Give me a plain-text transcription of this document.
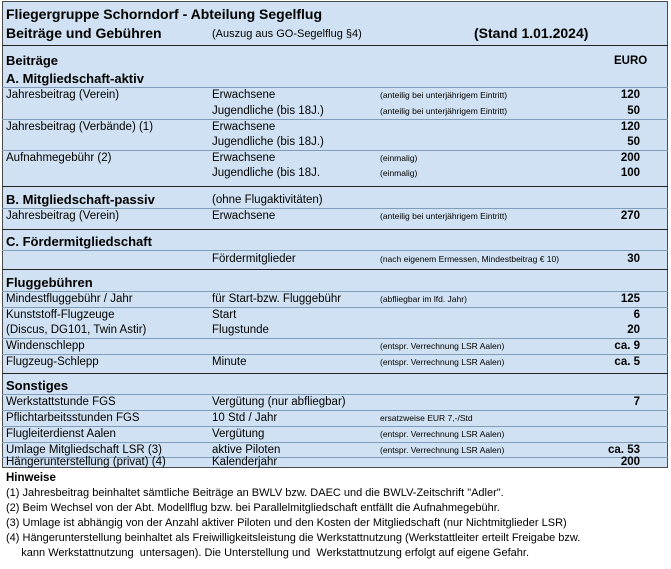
Fliegergruppe Schorndorf - Abteilung Segelflug
Beiträge und Gebühren	(Auszug aus GO-Segelflug §4)	(Stand 1.01.2024)
Beiträge	EURO
A. Mitgliedschaft-aktiv
Jahresbeitrag (Verein)	Erwachsene	(anteilig bei unterjährigem Eintritt)	120
Jugendliche (bis 18J.)	(anteilig bei unterjährigem Eintritt)	50
Jahresbeitrag (Verbände) (1)	Erwachsene	120
Jugendliche (bis 18J.)	50
Aufnahmegebühr (2)	Erwachsene	(einmalig)	200
Jugendliche (bis 18J.	(einmalig)	100
B. Mitgliedschaft-passiv	(ohne Flugaktivitäten)
Jahresbeitrag (Verein)	Erwachsene	(anteilig bei unterjährigem Eintritt)	270
C. Fördermitgliedschaft
Fördermitglieder	(nach eigenem Ermessen, Mindestbeitrag € 10)	30
Fluggebühren
Mindestfluggebühr / Jahr	für Start-bzw. Fluggebühr	(abfliegbar im lfd. Jahr)	125
Kunststoff-Flugzeuge	Start	6
(Discus, DG101, Twin Astir)	Flugstunde	20
Windenschlepp	(entspr. Verrechnung LSR Aalen)	ca. 9
Flugzeug-Schlepp	Minute	(entspr. Verrechnung LSR Aalen)	ca. 5
Sonstiges
Werkstattstunde FGS	Vergütung (nur abfliegbar)	7
Pflichtarbeitsstunden FGS	10 Std / Jahr	ersatzweise EUR 7,-/Std
Flugleiterdienst Aalen	Vergütung	(entspr. Verrechnung LSR Aalen)
Umlage Mitgliedschaft LSR (3)	aktive Piloten	(entspr. Verrechnung LSR Aalen)	ca. 53
Hängerunterstellung (privat) (4)	Kalenderjahr	200
Hinweise
(1) Jahresbeitrag beinhaltet sämtliche Beiträge an BWLV bzw. DAEC und die BWLV-Zeitschrift "Adler".
(2) Beim Wechsel von der Abt. Modellflug bzw. bei Parallelmitgliedschaft entfällt die Aufnahmegebühr.
(3) Umlage ist abhängig von der Anzahl aktiver Piloten und den Kosten der Mitgliedschaft (nur Nichtmitglieder LSR)
(4) Hängerunterstellung beinhaltet als Freiwilligkeitsleistung die Werkstattnutzung (Werkstattleiter erteilt Freigabe bzw.
kann Werkstattnutzung  untersagen). Die Unterstellung und  Werkstattnutzung erfolgt auf eigene Gefahr.
